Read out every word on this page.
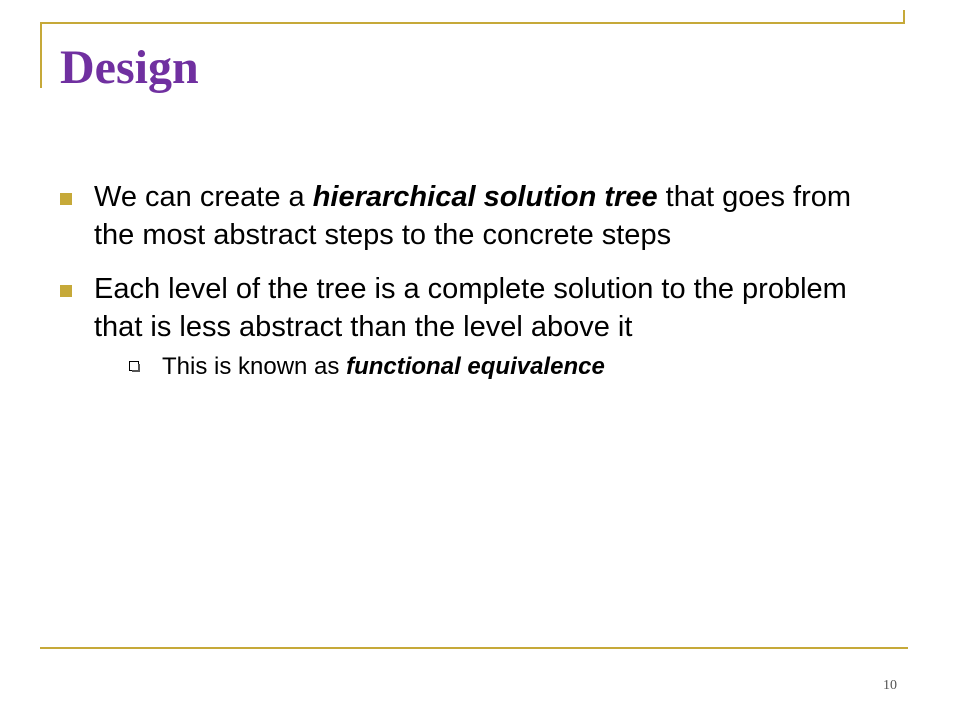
Design
We can create a hierarchical solution tree that goes from the most abstract steps to the concrete steps
Each level of the tree is a complete solution to the problem that is less abstract than the level above it
This is known as functional equivalence
10
